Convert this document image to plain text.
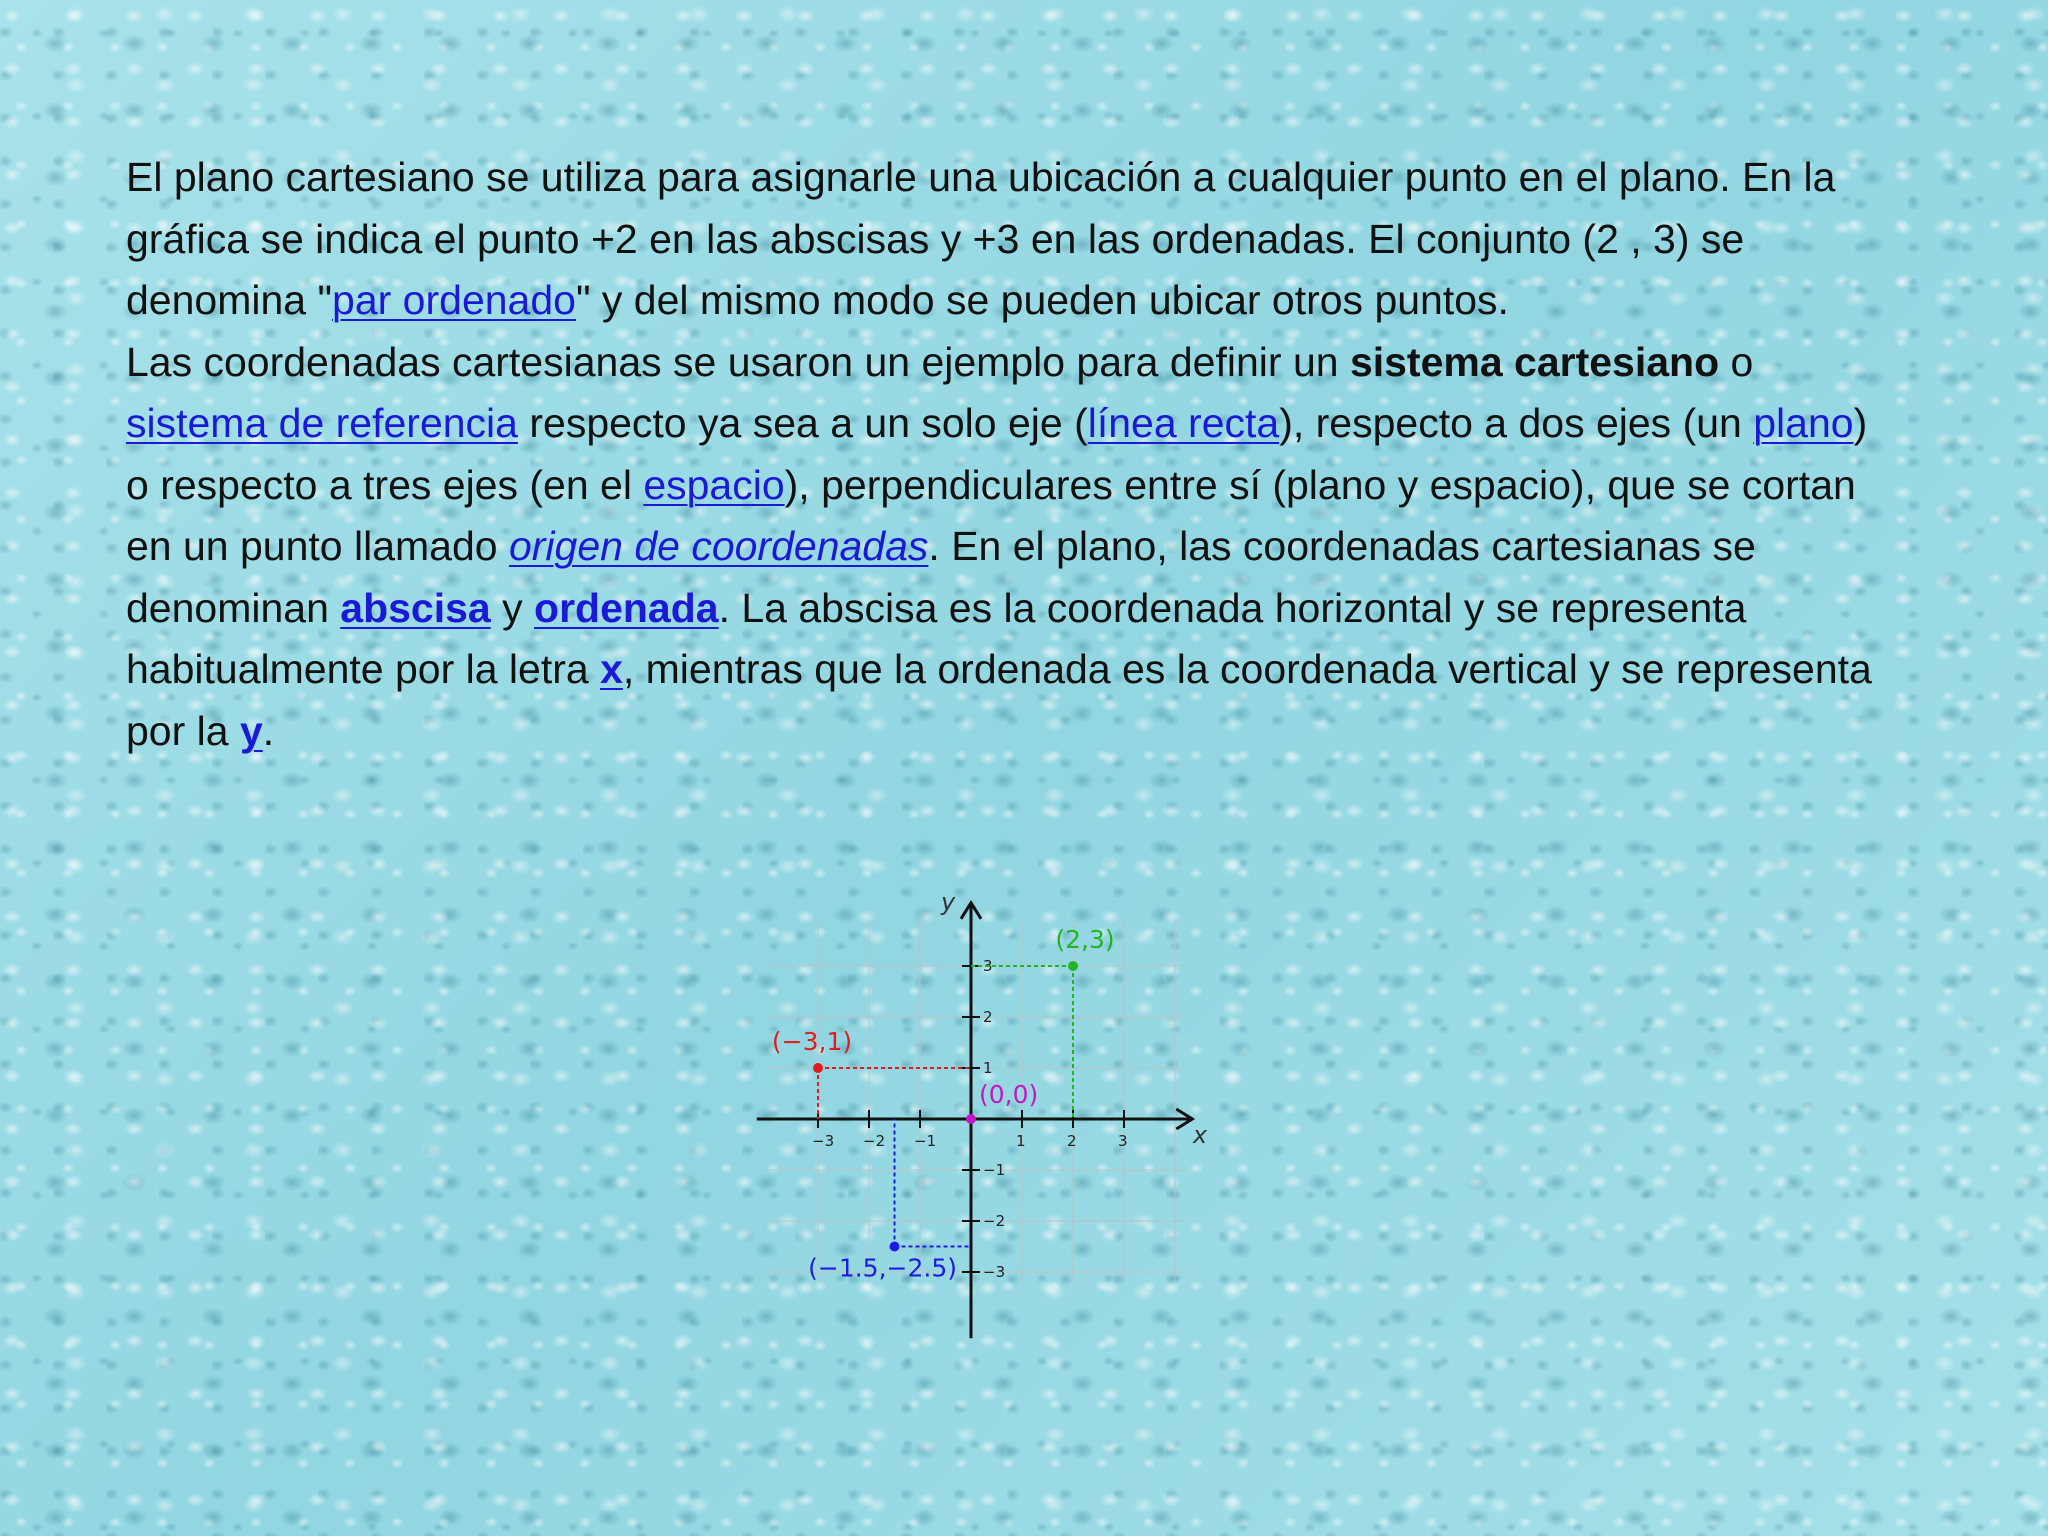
El plano cartesiano se utiliza para asignarle una ubicación a cualquier punto en el plano. En la gráfica se indica el punto +2 en las abscisas y +3 en las ordenadas. El conjunto (2 , 3) se denomina "par ordenado" y del mismo modo se pueden ubicar otros puntos.

Las coordenadas cartesianas se usaron un ejemplo para definir un sistema cartesiano o sistema de referencia respecto ya sea a un solo eje (línea recta), respecto a dos ejes (un plano) o respecto a tres ejes (en el espacio), perpendiculares entre sí (plano y espacio), que se cortan en un punto llamado origen de coordenadas. En el plano, las coordenadas cartesianas se denominan abscisa y ordenada. La abscisa es la coordenada horizontal y se representa habitualmente por la letra x, mientras que la ordenada es la coordenada vertical y se representa por la y.

x
y
−3 −2 −1	1	2	3
3
2
1
−1
−2
−3
(2,3)
(−3,1)
(0,0)
(−1.5,−2.5)
